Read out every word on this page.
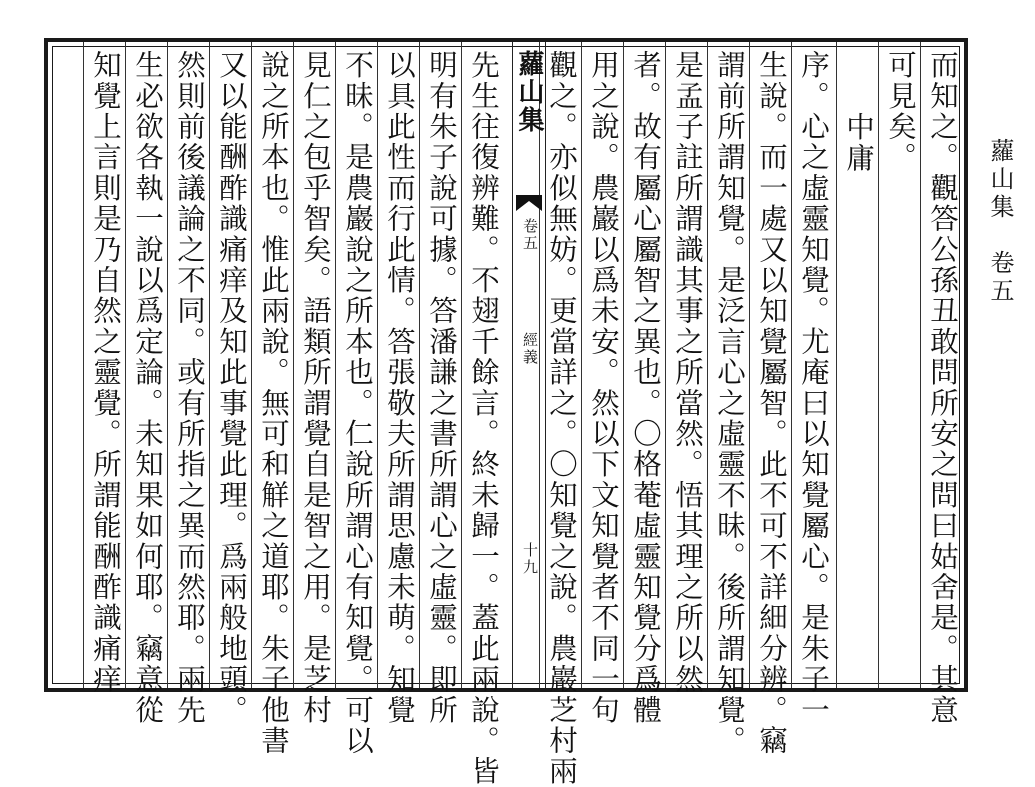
蘿山集　卷五
而知之。觀答公孫丑敢問所安之問曰姑舍是。其意
可見矣。
中庸
序。心之虛靈知覺。尤庵曰以知覺屬心。是朱子一
生說。而一處又以知覺屬智。此不可不詳細分辨。竊
謂前所謂知覺。是泛言心之虛靈不昧。後所謂知覺。
是孟子註所謂識其事之所當然。悟其理之所以然
者。故有屬心屬智之異也。〇格菴虛靈知覺分爲體
用之說。農巖以爲未安。然以下文知覺者不同一句
觀之。亦似無妨。更當詳之。〇知覺之說。農巖芝村兩
先生往復辨難。不翅千餘言。終未歸一。蓋此兩說。皆
明有朱子說可據。答潘謙之書所謂心之虛靈。即所
以具此性而行此情。答張敬夫所謂思慮未萌。知覺
不昧。是農巖說之所本也。仁說所謂心有知覺。可以
見仁之包乎智矣。語類所謂覺自是智之用。是芝村
說之所本也。惟此兩說。無可和觧之道耶。朱子他書
又以能酬酢識痛痒及知此事覺此理。爲兩般地頭。
然則前後議論之不同。或有所指之異而然耶。兩先
生必欲各執一說以爲定論。未知果如何耶。竊意從
知覺上言則是乃自然之靈覺。所謂能酬酢識痛痒	蘿山集
卷五
經義
十九
